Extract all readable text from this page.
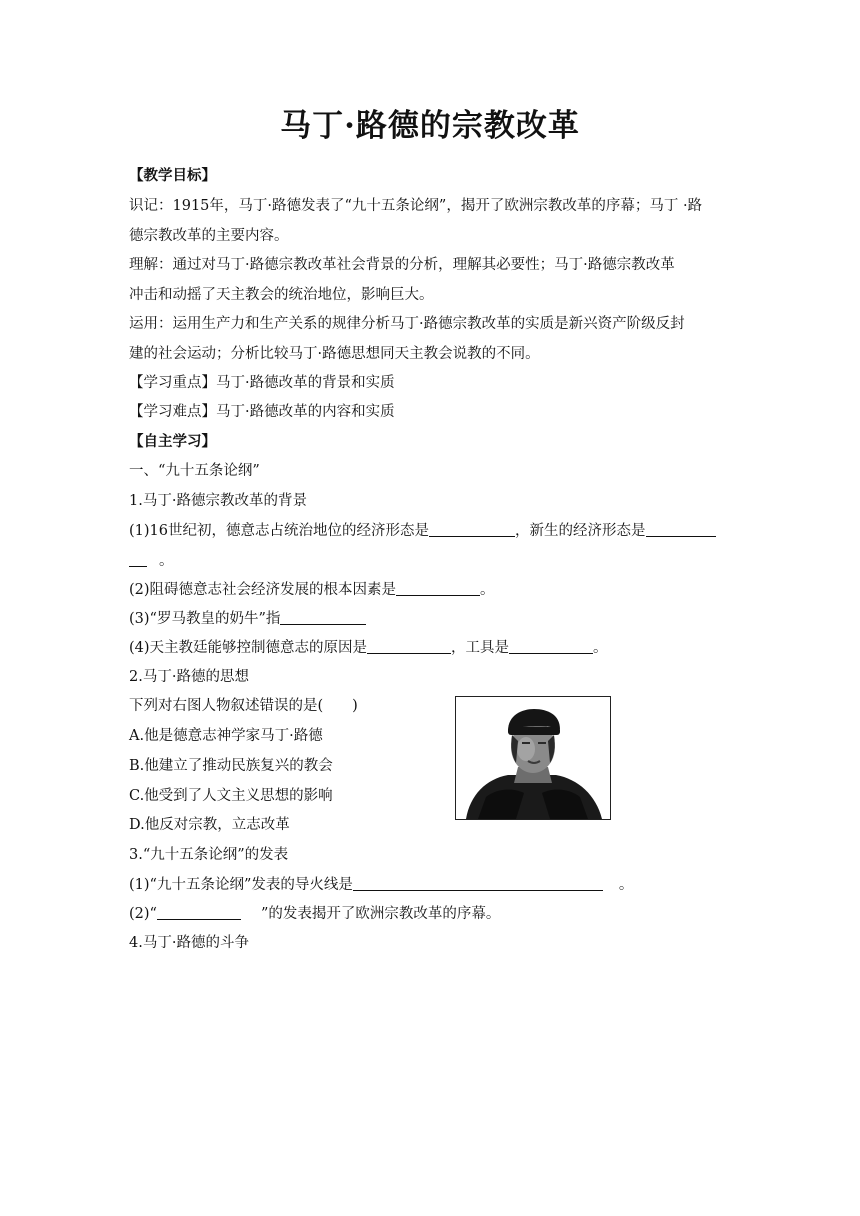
马丁·路德的宗教改革

【教学目标】

识记：1915年，马丁·路德发表了“九十五条论纲”，揭开了欧洲宗教改革的序幕；马丁 ·路

德宗教改革的主要内容。

理解：通过对马丁·路德宗教改革社会背景的分析，理解其必要性；马丁·路德宗教改革

冲击和动摇了天主教会的统治地位，影响巨大。

运用：运用生产力和生产关系的规律分析马丁·路德宗教改革的实质是新兴资产阶级反封

建的社会运动；分析比较马丁·路德思想同天主教会说教的不同。

【学习重点】马丁·路德改革的背景和实质

【学习难点】马丁·路德改革的内容和实质

【自主学习】

一、“九十五条论纲”

1.马丁·路德宗教改革的背景

(1)16世纪初，德意志占统治地位的经济形态是	，新生的经济形态是

。

(2)阻碍德意志社会经济发展的根本因素是	。

(3)“罗马教皇的奶牛”指

(4)天主教廷能够控制德意志的原因是	，工具是	。

2.马丁·路德的思想

下列对右图人物叙述错误的是(　　)

A.他是德意志神学家马丁·路德

B.他建立了推动民族复兴的教会

C.他受到了人文主义思想的影响

D.他反对宗教，立志改革

3.“九十五条论纲”的发表

(1)“九十五条论纲”发表的导火线是	。

(2)“	”的发表揭开了欧洲宗教改革的序幕。

4.马丁·路德的斗争
